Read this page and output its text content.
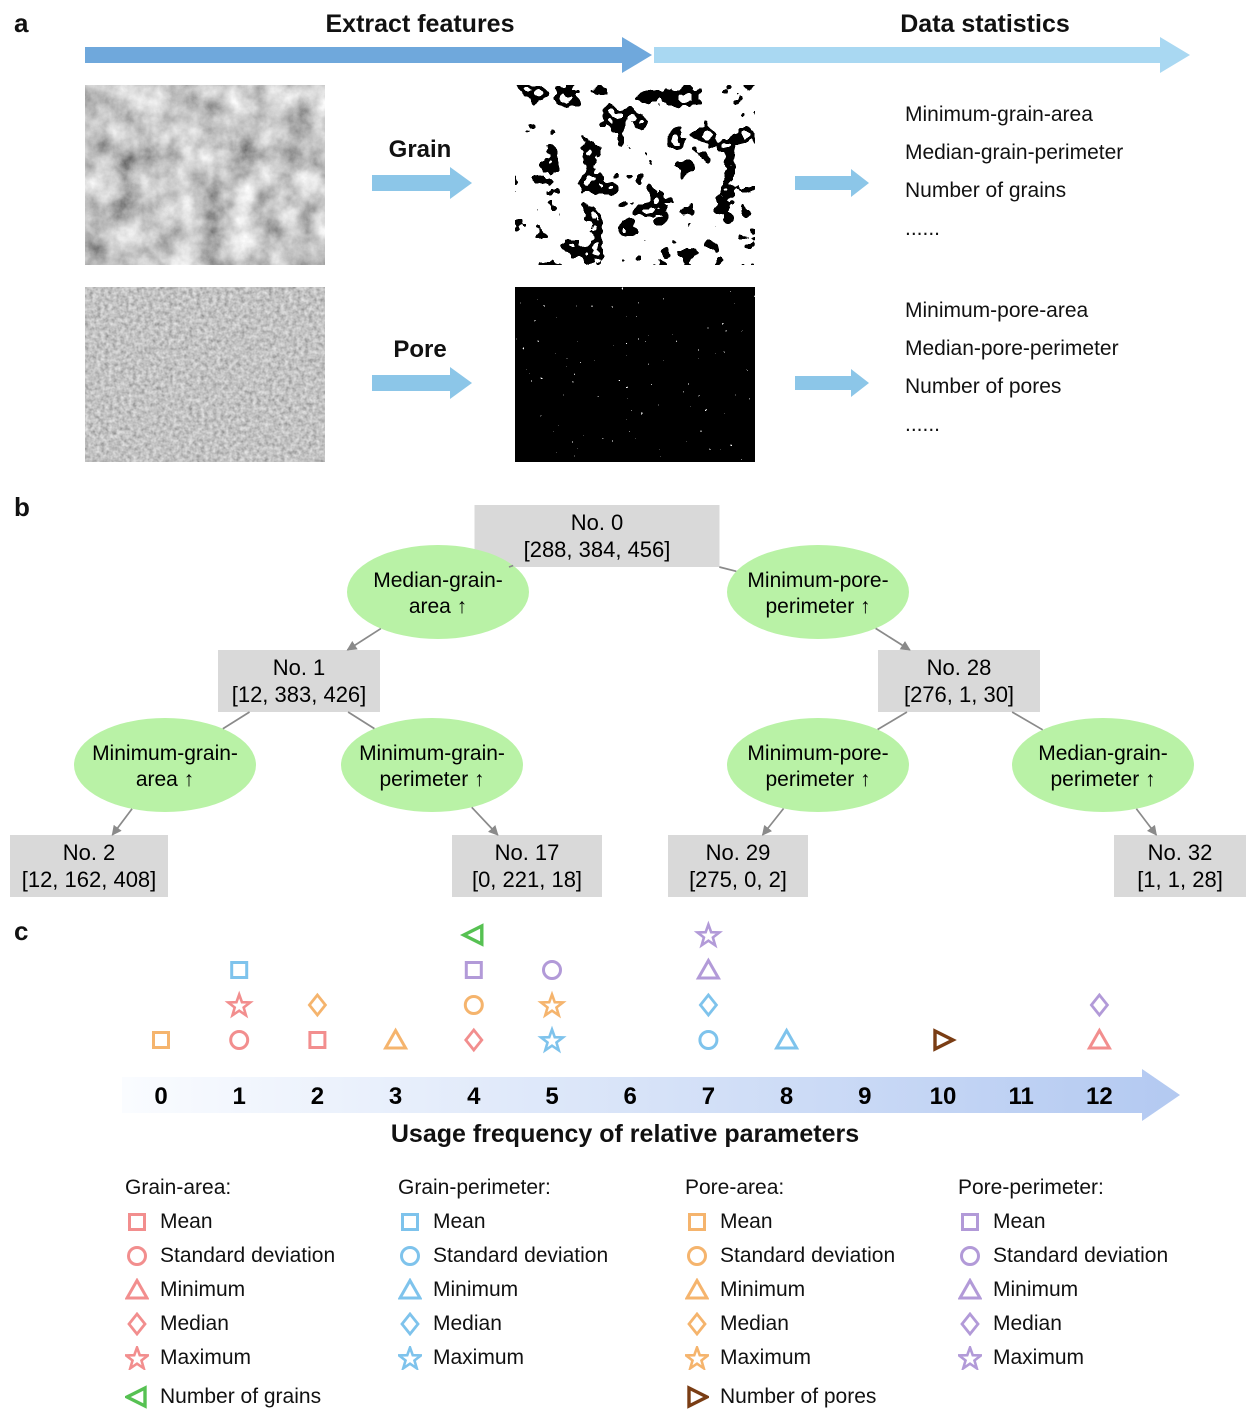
a	Extract features	Data statistics
Grain
Minimum-grain-area
Median-grain-perimeter
Number of grains
......
Pore
Minimum-pore-area
Median-pore-perimeter
Number of pores
......
b
No. 0
[288, 384, 456]
No. 1
[12, 383, 426]
No. 28
[276, 1, 30]
No. 2
[12, 162, 408]
No. 17
[0, 221, 18]
No. 29
[275, 0, 2]
No. 32
[1, 1, 28]
Median-grain-
area ↑
Minimum-pore-
perimeter ↑
Minimum-grain-
area ↑
Minimum-grain-
perimeter ↑
Minimum-pore-
perimeter ↑
Median-grain-
perimeter ↑
c
0	1	2	3	4	5	6	7	8	9 10 11 12
Usage frequency of relative parameters
Grain-area:
Mean
Standard deviation
Minimum
Median
Maximum
Grain-perimeter:
Mean
Standard deviation
Minimum
Median
Maximum
Pore-area:
Mean
Standard deviation
Minimum
Median
Maximum
Pore-perimeter:
Mean
Standard deviation
Minimum
Median
Maximum
Number of grains	Number of pores
